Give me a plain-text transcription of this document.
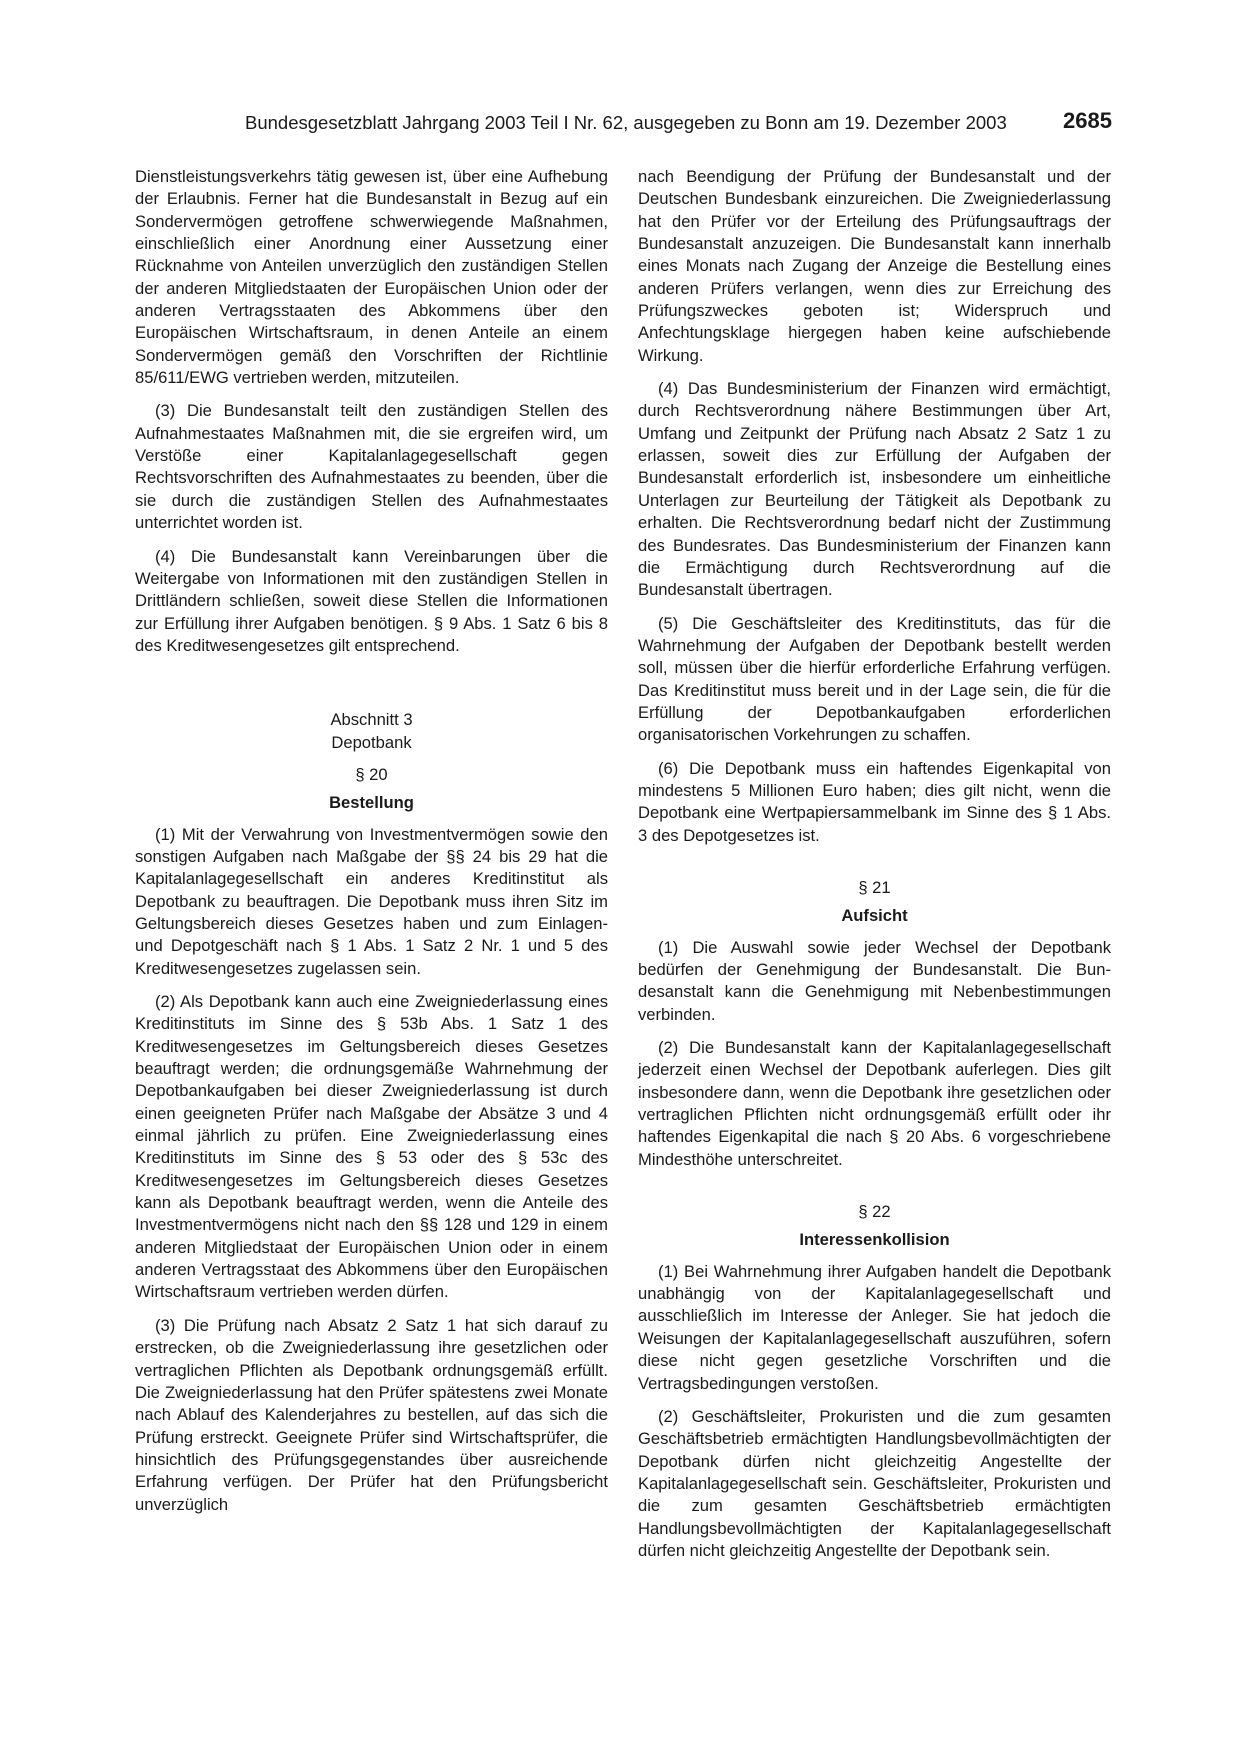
Bundesgesetzblatt Jahrgang 2003 Teil I Nr. 62, ausgegeben zu Bonn am 19. Dezember 2003	2685

Dienstleistungsverkehrs tätig gewesen ist, über eine Aufhebung der Erlaubnis. Ferner hat die Bundesanstalt in Bezug auf ein Sondervermögen getroffene schwerwiegende Maßnahmen, einschließlich einer Anordnung einer Aussetzung einer Rücknahme von Anteilen unverzüglich den zuständigen Stellen der anderen Mitgliedstaaten der Europäischen Union oder der anderen Vertragsstaaten des Abkommens über den Europäischen Wirtschaftsraum, in denen Anteile an einem Sondervermögen gemäß den Vorschriften der Richtlinie 85/611/EWG vertrieben werden, mitzuteilen.

(3) Die Bundesanstalt teilt den zuständigen Stellen des Aufnahmestaates Maßnahmen mit, die sie ergreifen wird, um Verstöße einer Kapitalanlagegesellschaft gegen Rechtsvorschriften des Aufnahmestaates zu beenden, über die sie durch die zuständigen Stellen des Aufnahmestaates unterrichtet worden ist.

(4) Die Bundesanstalt kann Vereinbarungen über die Weitergabe von Informationen mit den zuständigen Stellen in Drittländern schließen, soweit diese Stellen die Informationen zur Erfüllung ihrer Aufgaben benötigen. § 9 Abs. 1 Satz 6 bis 8 des Kreditwesengesetzes gilt entsprechend.

Abschnitt 3
Depotbank
§ 20
Bestellung

(1) Mit der Verwahrung von Investmentvermögen sowie den sonstigen Aufgaben nach Maßgabe der §§ 24 bis 29 hat die Kapitalanlagegesellschaft ein anderes Kreditinstitut als Depotbank zu beauftragen. Die Depotbank muss ihren Sitz im Geltungsbereich dieses Gesetzes haben und zum Einlagen- und Depotgeschäft nach § 1 Abs. 1 Satz 2 Nr. 1 und 5 des Kreditwesengesetzes zugelassen sein.

(2) Als Depotbank kann auch eine Zweigniederlassung eines Kreditinstituts im Sinne des § 53b Abs. 1 Satz 1 des Kreditwesengesetzes im Geltungsbereich dieses Gesetzes beauftragt werden; die ordnungsgemäße Wahrnehmung der Depotbankaufgaben bei dieser Zweigniederlassung ist durch einen geeigneten Prüfer nach Maßgabe der Absätze 3 und 4 einmal jährlich zu prüfen. Eine Zweigniederlassung eines Kreditinstituts im Sinne des § 53 oder des § 53c des Kreditwesengesetzes im Geltungsbereich dieses Gesetzes kann als Depotbank beauftragt werden, wenn die Anteile des Investmentvermögens nicht nach den §§ 128 und 129 in einem anderen Mitgliedstaat der Europäischen Union oder in einem anderen Vertragsstaat des Abkommens über den Europäischen Wirtschaftsraum vertrieben werden dürfen.

(3) Die Prüfung nach Absatz 2 Satz 1 hat sich darauf zu erstrecken, ob die Zweigniederlassung ihre gesetzlichen oder vertraglichen Pflichten als Depotbank ordnungsgemäß erfüllt. Die Zweigniederlassung hat den Prüfer spätestens zwei Monate nach Ablauf des Kalenderjahres zu bestellen, auf das sich die Prüfung erstreckt. Geeignete Prüfer sind Wirtschaftsprüfer, die hinsichtlich des Prüfungsgegenstandes über ausreichende Erfahrung verfügen. Der Prüfer hat den Prüfungsbericht unverzüglich

nach Beendigung der Prüfung der Bundesanstalt und der Deutschen Bundesbank einzureichen. Die Zweigniederlassung hat den Prüfer vor der Erteilung des Prüfungsauftrags der Bundesanstalt anzuzeigen. Die Bundesanstalt kann innerhalb eines Monats nach Zugang der Anzeige die Bestellung eines anderen Prüfers verlangen, wenn dies zur Erreichung des Prüfungszweckes geboten ist; Widerspruch und Anfechtungsklage hiergegen haben keine aufschiebende Wirkung.

(4) Das Bundesministerium der Finanzen wird ermächtigt, durch Rechtsverordnung nähere Bestimmungen über Art, Umfang und Zeitpunkt der Prüfung nach Absatz 2 Satz 1 zu erlassen, soweit dies zur Erfüllung der Aufgaben der Bundesanstalt erforderlich ist, insbesondere um einheitliche Unterlagen zur Beurteilung der Tätigkeit als Depotbank zu erhalten. Die Rechtsverordnung bedarf nicht der Zustimmung des Bundesrates. Das Bundesministerium der Finanzen kann die Ermächtigung durch Rechtsverordnung auf die Bundesanstalt übertragen.

(5) Die Geschäftsleiter des Kreditinstituts, das für die Wahrnehmung der Aufgaben der Depotbank bestellt werden soll, müssen über die hierfür erforderliche Erfahrung verfügen. Das Kreditinstitut muss bereit und in der Lage sein, die für die Erfüllung der Depotbankaufgaben erforderlichen organisatorischen Vorkehrungen zu schaffen.

(6) Die Depotbank muss ein haftendes Eigenkapital von mindestens 5 Millionen Euro haben; dies gilt nicht, wenn die Depotbank eine Wertpapiersammelbank im Sinne des § 1 Abs. 3 des Depotgesetzes ist.

§ 21
Aufsicht

(1) Die Auswahl sowie jeder Wechsel der Depotbank bedürfen der Genehmigung der Bundesanstalt. Die Bundesanstalt kann die Genehmigung mit Nebenbestimmungen verbinden.

(2) Die Bundesanstalt kann der Kapitalanlagegesellschaft jederzeit einen Wechsel der Depotbank auferlegen. Dies gilt insbesondere dann, wenn die Depotbank ihre gesetzlichen oder vertraglichen Pflichten nicht ordnungsgemäß erfüllt oder ihr haftendes Eigenkapital die nach § 20 Abs. 6 vorgeschriebene Mindesthöhe unterschreitet.

§ 22
Interessenkollision

(1) Bei Wahrnehmung ihrer Aufgaben handelt die Depotbank unabhängig von der Kapitalanlagegesellschaft und ausschließlich im Interesse der Anleger. Sie hat jedoch die Weisungen der Kapitalanlagegesellschaft auszuführen, sofern diese nicht gegen gesetzliche Vorschriften und die Vertragsbedingungen verstoßen.

(2) Geschäftsleiter, Prokuristen und die zum gesamten Geschäftsbetrieb ermächtigten Handlungsbevollmächtigten der Depotbank dürfen nicht gleichzeitig Angestellte der Kapitalanlagegesellschaft sein. Geschäftsleiter, Prokuristen und die zum gesamten Geschäftsbetrieb ermächtigten Handlungsbevollmächtigten der Kapitalanlagegesellschaft dürfen nicht gleichzeitig Angestellte der Depotbank sein.
